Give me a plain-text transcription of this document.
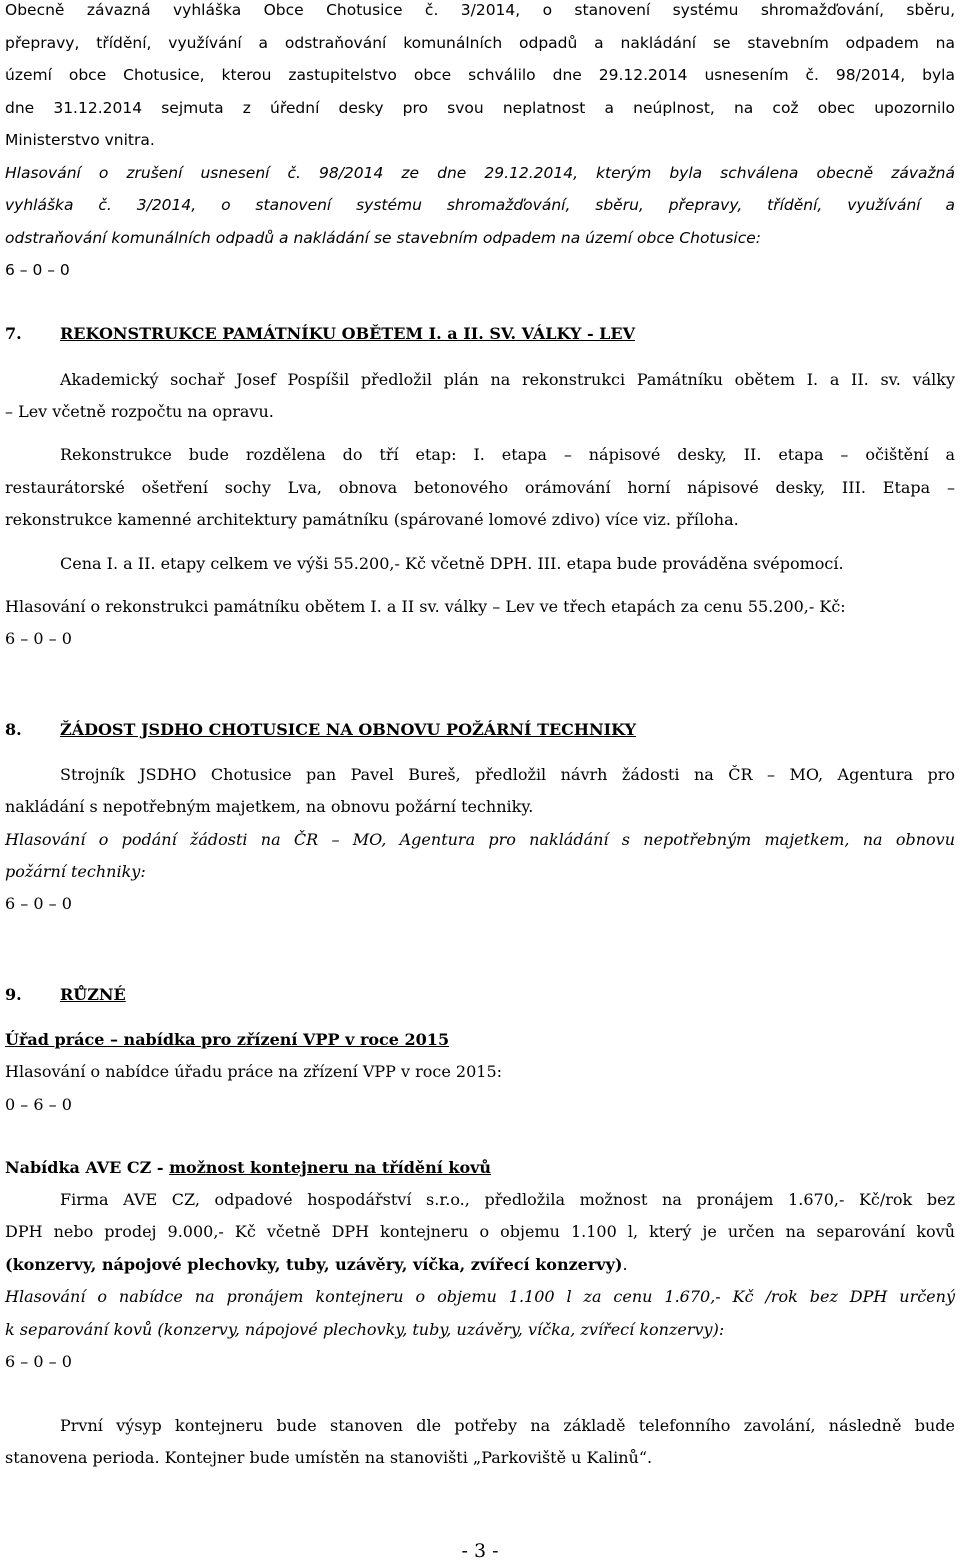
Obecně závazná vyhláška Obce Chotusice č. 3/2014, o stanovení systému shromažďování, sběru,
přepravy, třídění, využívání a odstraňování komunálních odpadů a nakládání se stavebním odpadem na
území obce Chotusice, kterou zastupitelstvo obce schválilo dne 29.12.2014 usnesením č. 98/2014, byla
dne 31.12.2014 sejmuta z úřední desky pro svou neplatnost a neúplnost, na což obec upozornilo
Ministerstvo vnitra.
Hlasování o zrušení usnesení č. 98/2014 ze dne 29.12.2014, kterým byla schválena obecně závažná
vyhláška č. 3/2014, o stanovení systému shromažďování, sběru, přepravy, třídění, využívání a
odstraňování komunálních odpadů a nakládání se stavebním odpadem na území obce Chotusice:
6 – 0 – 0
7. REKONSTRUKCE PAMÁTNÍKU OBĚTEM I. a II. SV. VÁLKY - LEV
Akademický sochař Josef Pospíšil předložil plán na rekonstrukci Památníku obětem I. a II. sv. války
– Lev včetně rozpočtu na opravu.
Rekonstrukce bude rozdělena do tří etap: I. etapa – nápisové desky, II. etapa – očištění a
restaurátorské ošetření sochy Lva, obnova betonového orámování horní nápisové desky, III. Etapa –
rekonstrukce kamenné architektury památníku (spárované lomové zdivo) více viz. příloha.
Cena I. a II. etapy celkem ve výši 55.200,- Kč včetně DPH. III. etapa bude prováděna svépomocí.
Hlasování o rekonstrukci památníku obětem I. a II sv. války – Lev ve třech etapách za cenu 55.200,- Kč:
6 – 0 – 0
8. ŽÁDOST JSDHO CHOTUSICE NA OBNOVU POŽÁRNÍ TECHNIKY
Strojník JSDHO Chotusice pan Pavel Bureš, předložil návrh žádosti na ČR – MO, Agentura pro
nakládání s nepotřebným majetkem, na obnovu požární techniky.
Hlasování o podání žádosti na ČR – MO, Agentura pro nakládání s nepotřebným majetkem, na obnovu
požární techniky:
6 – 0 – 0
9. RŮZNÉ
Úřad práce – nabídka pro zřízení VPP v roce 2015
Hlasování o nabídce úřadu práce na zřízení VPP v roce 2015:
0 – 6 – 0
Nabídka AVE CZ - možnost kontejneru na třídění kovů
Firma AVE CZ, odpadové hospodářství s.r.o., předložila možnost na pronájem 1.670,- Kč/rok bez
DPH nebo prodej 9.000,- Kč včetně DPH kontejneru o objemu 1.100 l, který je určen na separování kovů
(konzervy, nápojové plechovky, tuby, uzávěry, víčka, zvířecí konzervy).
Hlasování o nabídce na pronájem kontejneru o objemu 1.100 l za cenu 1.670,- Kč /rok bez DPH určený
k separování kovů (konzervy, nápojové plechovky, tuby, uzávěry, víčka, zvířecí konzervy):
6 – 0 – 0
První výsyp kontejneru bude stanoven dle potřeby na základě telefonního zavolání, následně bude
stanovena perioda. Kontejner bude umístěn na stanovišti „Parkoviště u Kalinů“.
- 3 -
